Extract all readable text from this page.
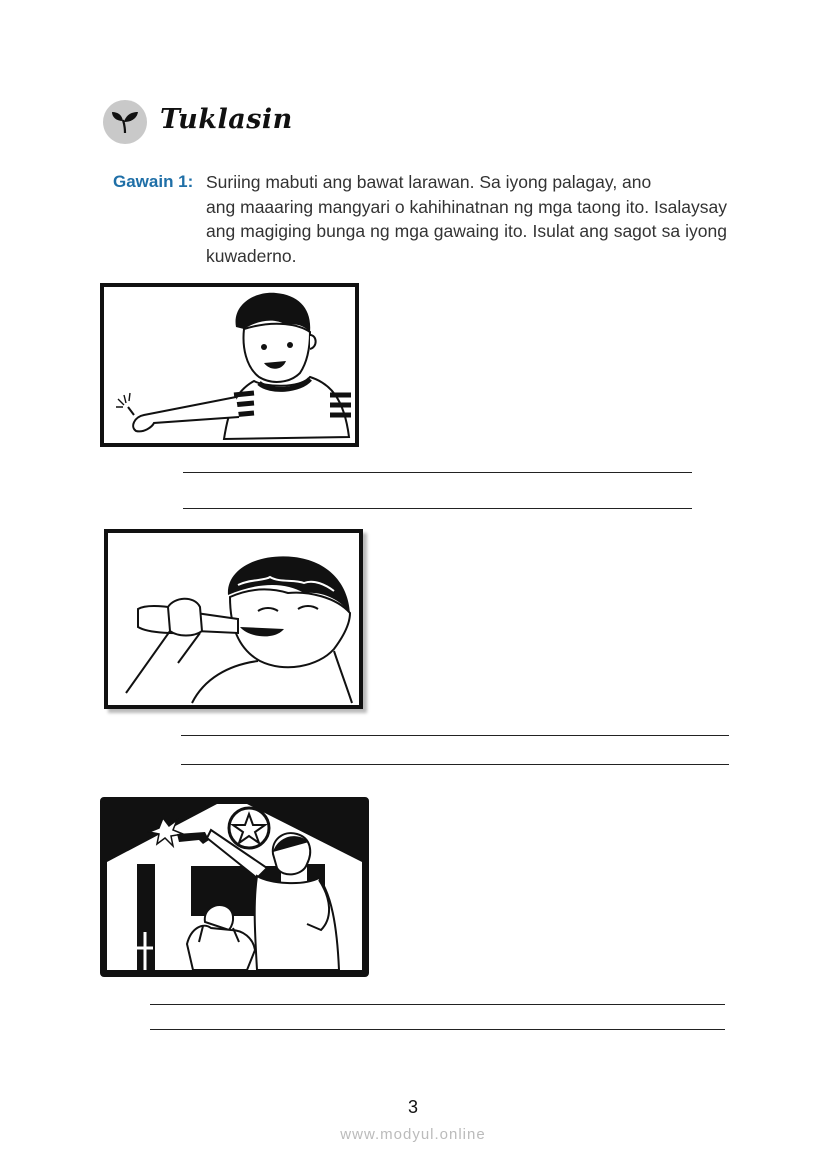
Tuklasin
Gawain 1: Suriing mabuti ang bawat larawan. Sa iyong palagay, ano
ang maaaring mangyari o kahihinatnan ng mga taong ito. Isalaysay ang magiging bunga ng mga gawaing ito. Isulat ang sagot sa iyong kuwaderno.
3
www.modyul.online
